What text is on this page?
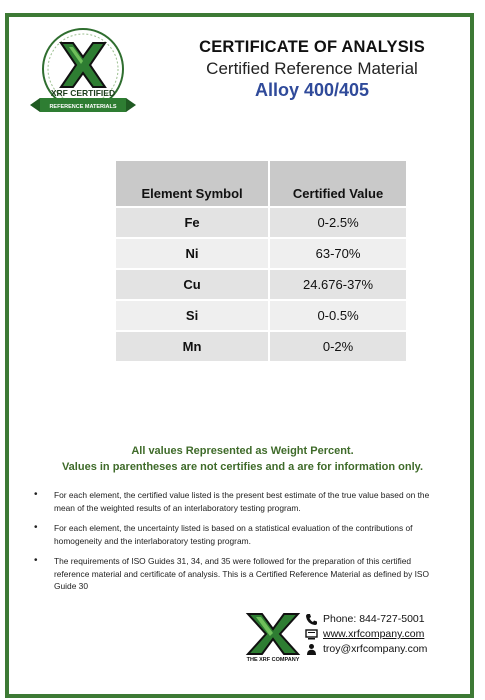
XRF CERTIFIED
REFERENCE MATERIALS
CERTIFICATE OF ANALYSIS
Certified Reference Material
Alloy 400/405
Element Symbol	Certified Value
Fe	0-2.5%
Ni	63-70%
Cu	24.676-37%
Si	0-0.5%
Mn	0-2%
All values Represented as Weight Percent.
Values in parentheses are not certifies and a are for information only.
• For each element, the certified value listed is the present best estimate of the true value based on the mean of the weighted results of an interlaboratory testing program.
• For each element, the uncertainty listed is based on a statistical evaluation of the contributions of homogeneity and the interlaboratory testing program.
• The requirements of ISO Guides 31, 34, and 35 were followed for the preparation of this certified reference material and certificate of analysis. This is a Certified Reference Material as defined by ISO Guide 30
THE XRF COMPANY
Phone: 844-727-5001
www.xrfcompany.com
troy@xrfcompany.com
